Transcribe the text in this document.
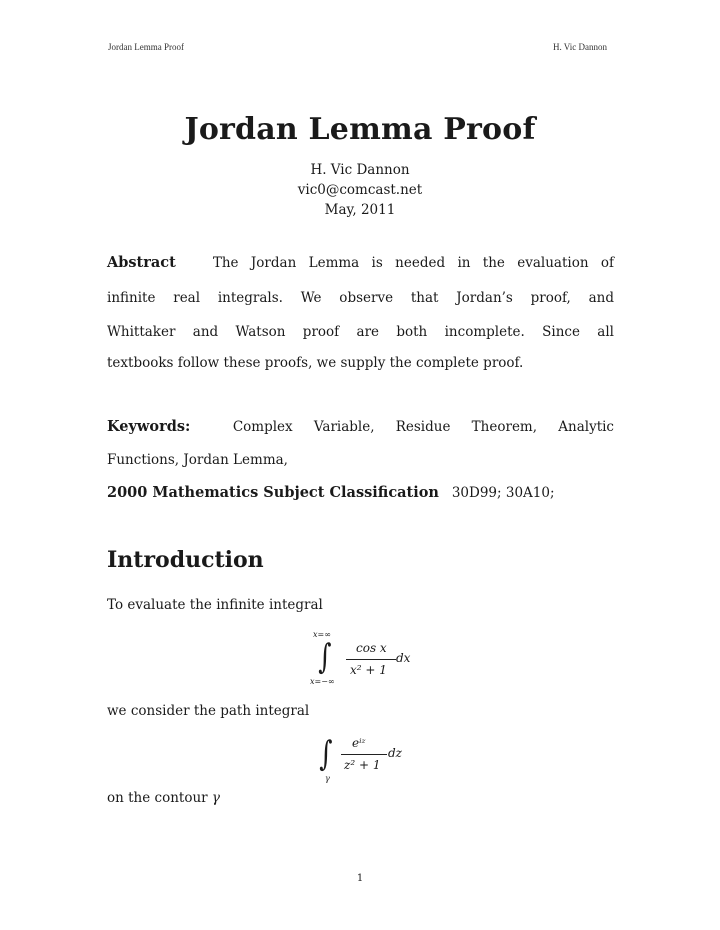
Jordan Lemma Proof	H. Vic Dannon
Jordan Lemma Proof
H. Vic Dannon
vic0@comcast.net
May, 2011
Abstract	The Jordan Lemma is needed in the evaluation of
infinite real integrals. We observe that Jordan’s proof, and
Whittaker and Watson proof are both incomplete. Since all
textbooks follow these proofs, we supply the complete proof.
Keywords:	Complex Variable, Residue Theorem, Analytic
Functions, Jordan Lemma,
2000 Mathematics Subject Classification 30D99; 30A10;
Introduction
To evaluate the infinite integral
x=∞
∫
x=−∞
cos x
x² + 1
dx
we consider the path integral
∫
γ
eⁱᶻ
z² + 1
dz
on the contour γ
1
